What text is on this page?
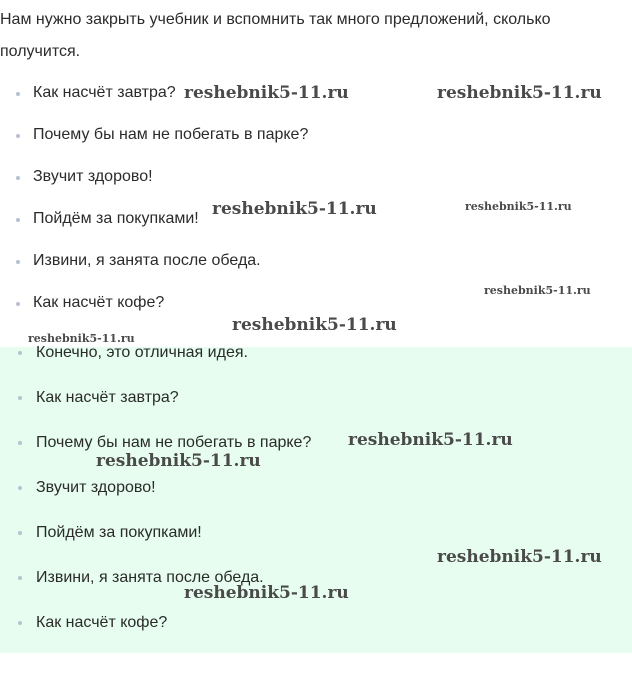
Нам нужно закрыть учебник и вспомнить так много предложений, сколько получится.

Как насчёт завтра?
Почему бы нам не побегать в парке?
Звучит здорово!
Пойдём за покупками!
Извини, я занята после обеда.
Как насчёт кофе?
Конечно, это отличная идея.
Как насчёт завтра?
Почему бы нам не побегать в парке?
Звучит здорово!
Пойдём за покупками!
Извини, я занята после обеда.
Как насчёт кофе?
reshebnik5-11.ru	reshebnik5-11.ru
reshebnik5-11.ru	reshebnik5-11.ru
reshebnik5-11.ru
reshebnik5-11.ru
reshebnik5-11.ru
reshebnik5-11.ru
reshebnik5-11.ru
reshebnik5-11.ru
reshebnik5-11.ru
